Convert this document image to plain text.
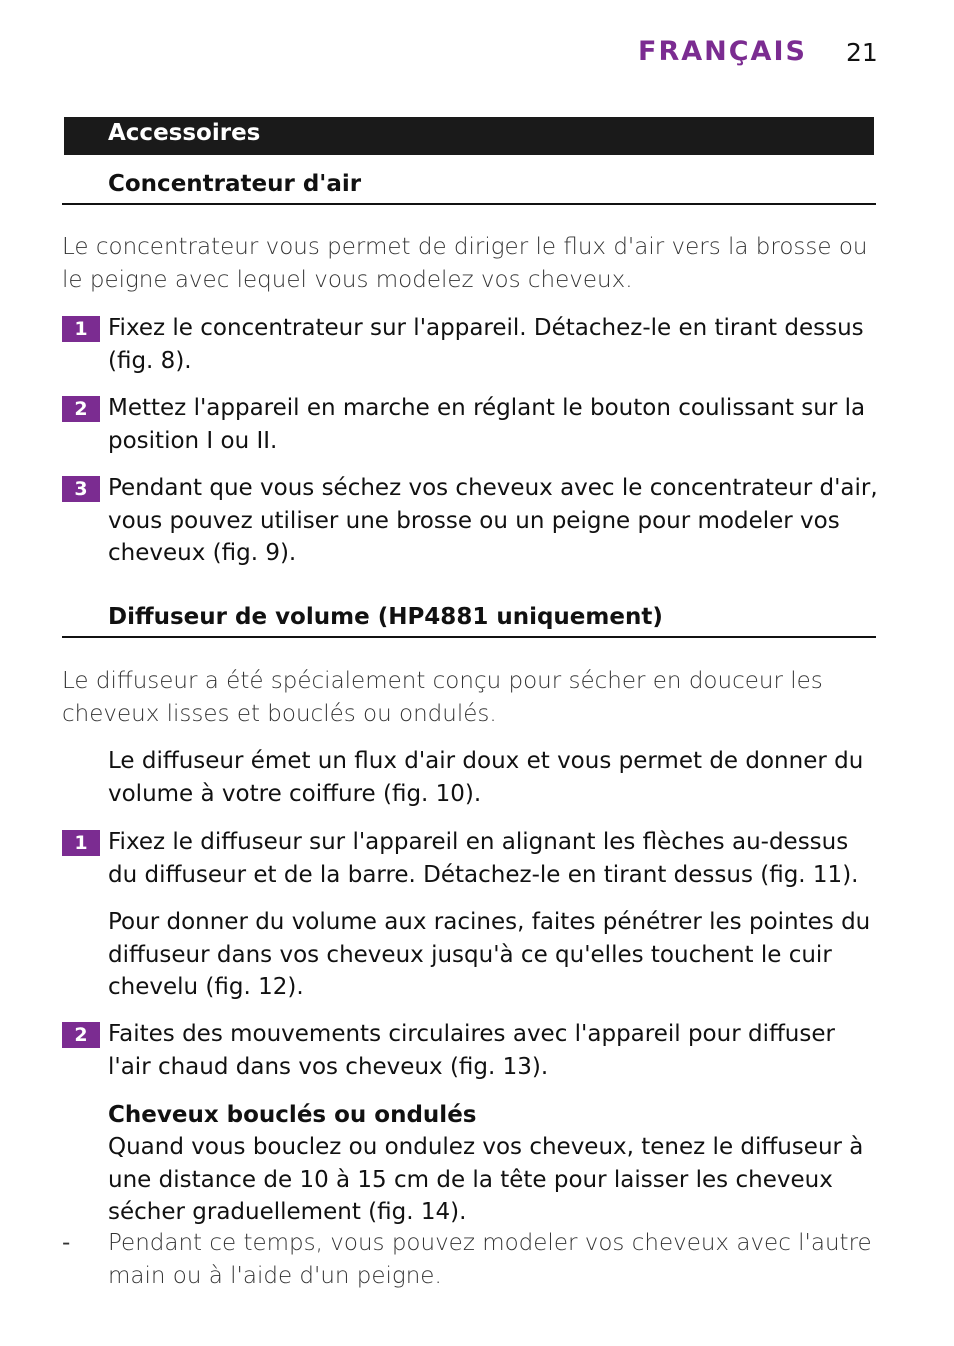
FRANÇAIS 21
Accessoires
Concentrateur d'air

Le concentrateur vous permet de diriger le flux d'air vers la brosse ou le peigne avec lequel vous modelez vos cheveux.

1 Fixez le concentrateur sur l'appareil. Détachez-le en tirant dessus (fig. 8).

2 Mettez l'appareil en marche en réglant le bouton coulissant sur la position I ou II.

3 Pendant que vous séchez vos cheveux avec le concentrateur d'air, vous pouvez utiliser une brosse ou un peigne pour modeler vos cheveux (fig. 9).

Diffuseur de volume (HP4881 uniquement)

Le diffuseur a été spécialement conçu pour sécher en douceur les cheveux lisses et bouclés ou ondulés.

Le diffuseur émet un flux d'air doux et vous permet de donner du volume à votre coiffure (fig. 10).

1 Fixez le diffuseur sur l'appareil en alignant les flèches au-dessus du diffuseur et de la barre. Détachez-le en tirant dessus (fig. 11).

Pour donner du volume aux racines, faites pénétrer les pointes du diffuseur dans vos cheveux jusqu'à ce qu'elles touchent le cuir chevelu (fig. 12).

2 Faites des mouvements circulaires avec l'appareil pour diffuser l'air chaud dans vos cheveux (fig. 13).

Cheveux bouclés ou ondulés

Quand vous bouclez ou ondulez vos cheveux, tenez le diffuseur à une distance de 10 à 15 cm de la tête pour laisser les cheveux sécher graduellement (fig. 14).

- Pendant ce temps, vous pouvez modeler vos cheveux avec l'autre main ou à l'aide d'un peigne.
